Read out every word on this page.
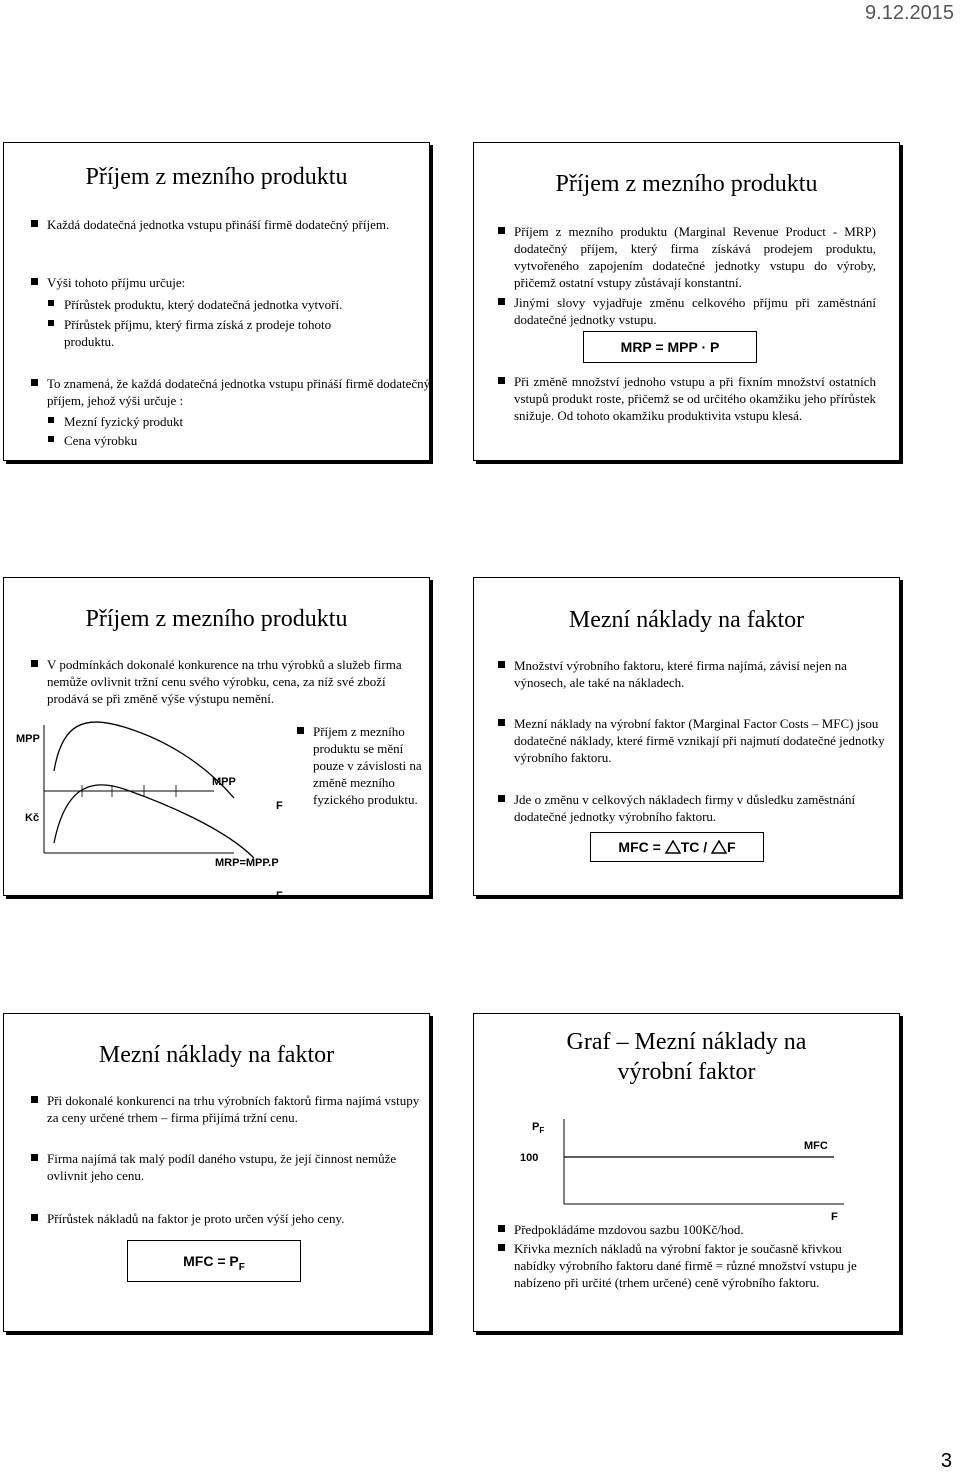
9.12.2015
Příjem z mezního produktu
Každá dodatečná jednotka vstupu přináší firmě dodatečný příjem.
Výši tohoto příjmu určuje:
Přírůstek produktu, který dodatečná jednotka vytvoří.
Přírůstek příjmu, který firma získá z prodeje tohoto produktu.
To znamená, že každá dodatečná jednotka vstupu přináší firmě dodatečný příjem, jehož výši určuje :
Mezní fyzický produkt
Cena výrobku
Příjem z mezního produktu
Příjem z mezního produktu (Marginal Revenue Product - MRP) dodatečný příjem, který firma získává prodejem produktu, vytvořeného zapojením dodatečné jednotky vstupu do výroby, přičemž ostatní vstupy zůstávají konstantní.
Jinými slovy vyjadřuje změnu celkového příjmu při zaměstnání dodatečné jednotky vstupu.
MRP = MPP · P
Při změně množství jednoho vstupu a při fixním množství ostatních vstupů produkt roste, přičemž se od určitého okamžiku jeho přírůstek snižuje. Od tohoto okamžiku produktivita vstupu klesá.
Příjem z mezního produktu
V podmínkách dokonalé konkurence na trhu výrobků a služeb firma nemůže ovlivnit tržní cenu svého výrobku, cena, za níž své zboží prodává se při změně výše výstupu nemění.
MPP
Kč
MPP
F
MRP=MPP.P
F
Příjem z mezního produktu se mění pouze v závislosti na změně mezního fyzického produktu.
Mezní náklady na faktor
Množství výrobního faktoru, které firma najímá, závisí nejen na výnosech, ale také na nákladech.
Mezní náklady na výrobní faktor (Marginal Factor Costs – MFC) jsou dodatečné náklady, které firmě vznikají při najmutí dodatečné jednotky výrobního faktoru.
Jde o změnu v celkových nákladech firmy v důsledku zaměstnání dodatečné jednotky výrobního faktoru.
MFC = TC / F
Mezní náklady na faktor
Při dokonalé konkurenci na trhu výrobních faktorů firma najímá vstupy za ceny určené trhem – firma přijímá tržní cenu.
Firma najímá tak malý podíl daného vstupu, že její činnost nemůže ovlivnit jeho cenu.
Přírůstek nákladů na faktor je proto určen výší jeho ceny.
MFC = $P_F$
Graf – Mezní náklady na výrobní faktor
$P_F$
100
MFC
F
Předpokládáme mzdovou sazbu 100Kč/hod.
Křivka mezních nákladů na výrobní faktor je současně křivkou nabídky výrobního faktoru dané firmě = různé množství vstupu je nabízeno při určité (trhem určené) ceně výrobního faktoru.
3
